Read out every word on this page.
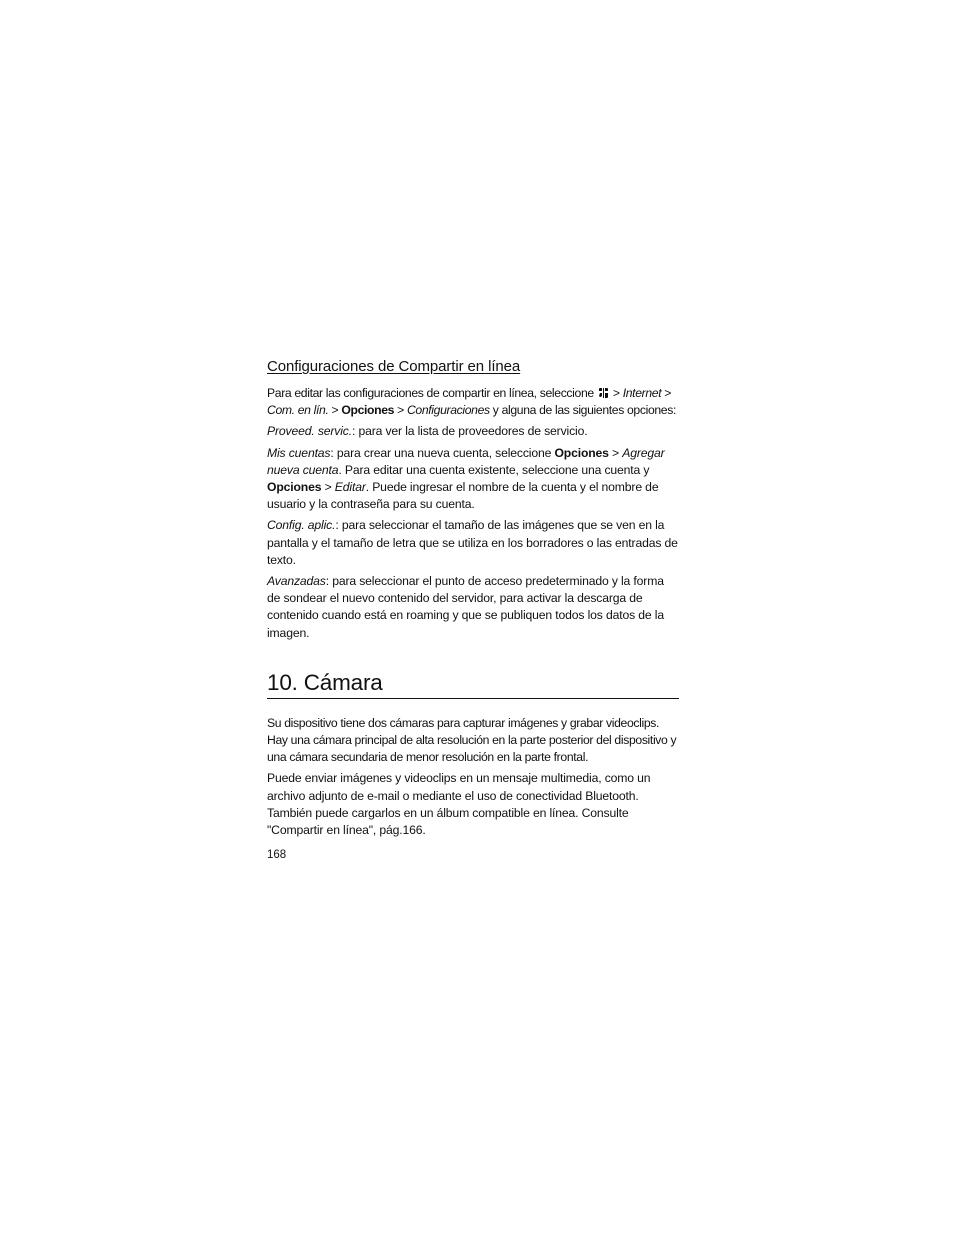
Configuraciones de Compartir en línea

Para editar las configuraciones de compartir en línea, seleccione  > Internet > Com. en lín. > Opciones > Configuraciones y alguna de las siguientes opciones:

Proveed. servic.: para ver la lista de proveedores de servicio.

Mis cuentas: para crear una nueva cuenta, seleccione Opciones > Agregar nueva cuenta. Para editar una cuenta existente, seleccione una cuenta y Opciones > Editar. Puede ingresar el nombre de la cuenta y el nombre de usuario y la contraseña para su cuenta.

Config. aplic.: para seleccionar el tamaño de las imágenes que se ven en la pantalla y el tamaño de letra que se utiliza en los borradores o las entradas de texto.

Avanzadas: para seleccionar el punto de acceso predeterminado y la forma de sondear el nuevo contenido del servidor, para activar la descarga de contenido cuando está en roaming y que se publiquen todos los datos de la imagen.

10. Cámara

Su dispositivo tiene dos cámaras para capturar imágenes y grabar videoclips. Hay una cámara principal de alta resolución en la parte posterior del dispositivo y una cámara secundaria de menor resolución en la parte frontal.

Puede enviar imágenes y videoclips en un mensaje multimedia, como un archivo adjunto de e-mail o mediante el uso de conectividad Bluetooth. También puede cargarlos en un álbum compatible en línea. Consulte "Compartir en línea", pág.166.

168
